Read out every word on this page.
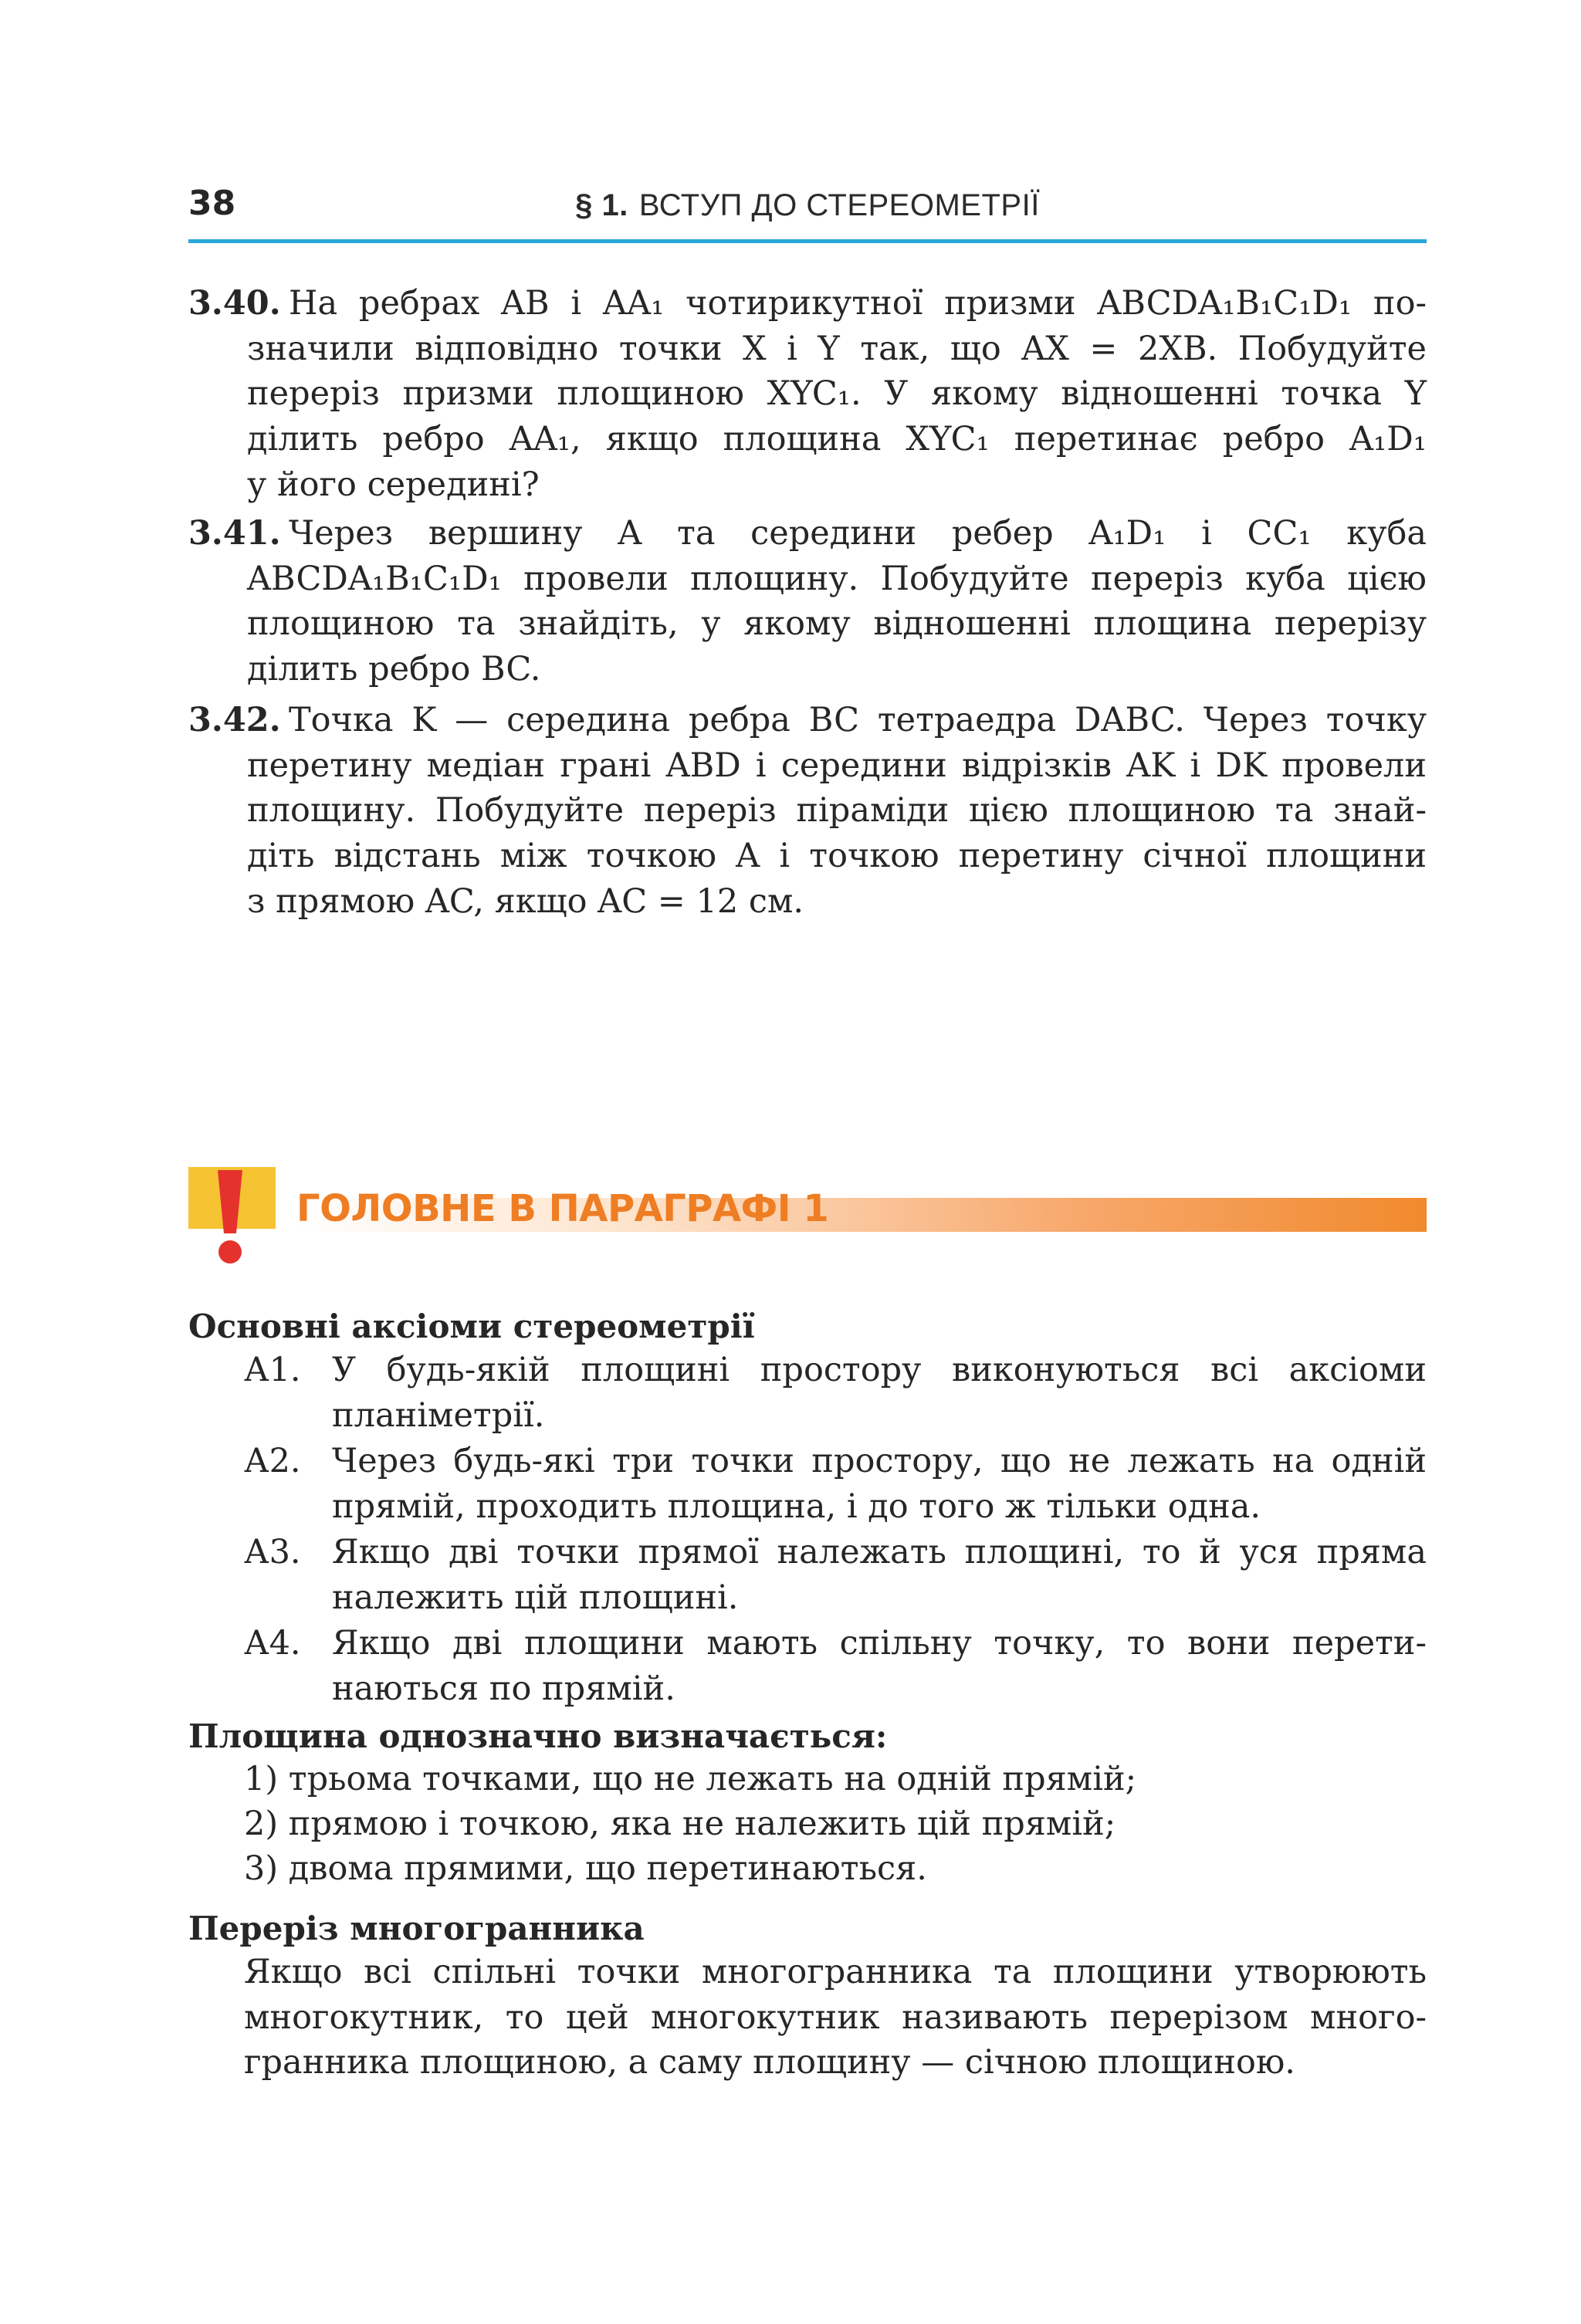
38	§ 1. ВСТУП ДО СТЕРЕОМЕТРІЇ
3.40. На ребрах AB і AA₁ чотирикутної призми ABCDA₁B₁C₁D₁ по-
значили відповідно точки X і Y так, що AX = 2XB. Побудуйте
переріз призми площиною XYC₁. У якому відношенні точка Y
ділить ребро AA₁, якщо площина XYC₁ перетинає ребро A₁D₁
у його середині?
3.41. Через вершину A та середини ребер A₁D₁ і CC₁ куба
ABCDA₁B₁C₁D₁ провели площину. Побудуйте переріз куба цією
площиною та знайдіть, у якому відношенні площина перерізу
ділить ребро BC.
3.42. Точка K — середина ребра BC тетраедра DABC. Через точку
перетину медіан грані ABD і середини відрізків AK і DK провели
площину. Побудуйте переріз піраміди цією площиною та знай-
діть відстань між точкою A і точкою перетину січної площини
з прямою AC, якщо AC = 12 см.
ГОЛОВНЕ В ПАРАГРАФІ 1
Основні аксіоми стереометрії
А1. У будь-якій площині простору виконуються всі аксіоми
планіметрії.
А2. Через будь-які три точки простору, що не лежать на одній
прямій, проходить площина, і до того ж тільки одна.
А3. Якщо дві точки прямої належать площині, то й уся пряма
належить цій площині.
А4. Якщо дві площини мають спільну точку, то вони перети-
наються по прямій.
Площина однозначно визначається:
1) трьома точками, що не лежать на одній прямій;
2) прямою і точкою, яка не належить цій прямій;
3) двома прямими, що перетинаються.
Переріз многогранника
Якщо всі спільні точки многогранника та площини утворюють
многокутник, то цей многокутник називають перерізом много-
гранника площиною, а саму площину — січною площиною.
